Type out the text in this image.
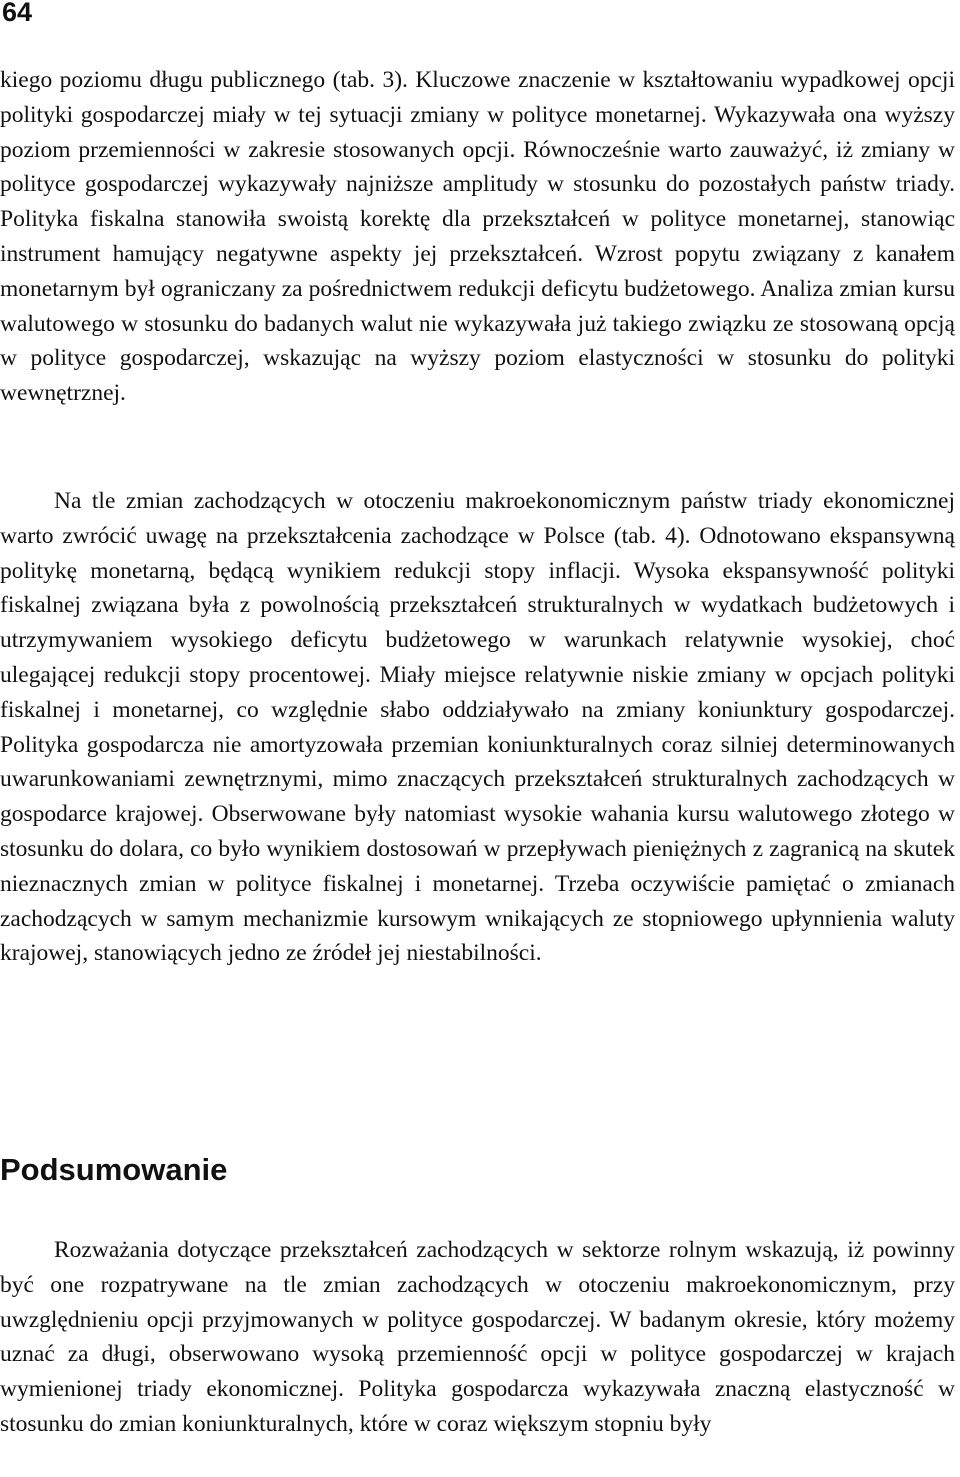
64

kiego poziomu długu publicznego (tab. 3). Kluczowe znaczenie w kształtowaniu wypadkowej opcji polityki gospodarczej miały w tej sytuacji zmiany w polityce monetarnej. Wykazywała ona wyższy poziom przemienności w zakresie stosowanych opcji. Równocześnie warto zauważyć, iż zmiany w polityce gospodarczej wykazywały najniższe amplitudy w stosunku do pozostałych państw triady. Polityka fiskalna stanowiła swoistą korektę dla przekształceń w polityce monetarnej, stanowiąc instrument hamujący negatywne aspekty jej przekształceń. Wzrost popytu związany z kanałem monetarnym był ograniczany za pośrednictwem redukcji deficytu budżetowego. Analiza zmian kursu walutowego w stosunku do badanych walut nie wykazywała już takiego związku ze stosowaną opcją w polityce gospodarczej, wskazując na wyższy poziom elastyczności w stosunku do polityki wewnętrznej.

Na tle zmian zachodzących w otoczeniu makroekonomicznym państw triady ekonomicznej warto zwrócić uwagę na przekształcenia zachodzące w Polsce (tab. 4). Odnotowano ekspansywną politykę monetarną, będącą wynikiem redukcji stopy inflacji. Wysoka ekspansywność polityki fiskalnej związana była z powolnością przekształceń strukturalnych w wydatkach budżetowych i utrzymywaniem wysokiego deficytu budżetowego w warunkach relatywnie wysokiej, choć ulegającej redukcji stopy procentowej. Miały miejsce relatywnie niskie zmiany w opcjach polityki fiskalnej i monetarnej, co względnie słabo oddziaływało na zmiany koniunktury gospodarczej. Polityka gospodarcza nie amortyzowała przemian koniunkturalnych coraz silniej determinowanych uwarunkowaniami zewnętrznymi, mimo znaczących przekształceń strukturalnych zachodzących w gospodarce krajowej. Obserwowane były natomiast wysokie wahania kursu walutowego złotego w stosunku do dolara, co było wynikiem dostosowań w przepływach pieniężnych z zagranicą na skutek nieznacznych zmian w polityce fiskalnej i monetarnej. Trzeba oczywiście pamiętać o zmianach zachodzących w samym mechanizmie kursowym wnikających ze stopniowego upłynnienia waluty krajowej, stanowiących jedno ze źródeł jej niestabilności.

Podsumowanie

Rozważania dotyczące przekształceń zachodzących w sektorze rolnym wskazują, iż powinny być one rozpatrywane na tle zmian zachodzących w otoczeniu makroekonomicznym, przy uwzględnieniu opcji przyjmowanych w polityce gospodarczej. W badanym okresie, który możemy uznać za długi, obserwowano wysoką przemienność opcji w polityce gospodarczej w krajach wymienionej triady ekonomicznej. Polityka gospodarcza wykazywała znaczną elastyczność w stosunku do zmian koniunkturalnych, które w coraz większym stopniu były
